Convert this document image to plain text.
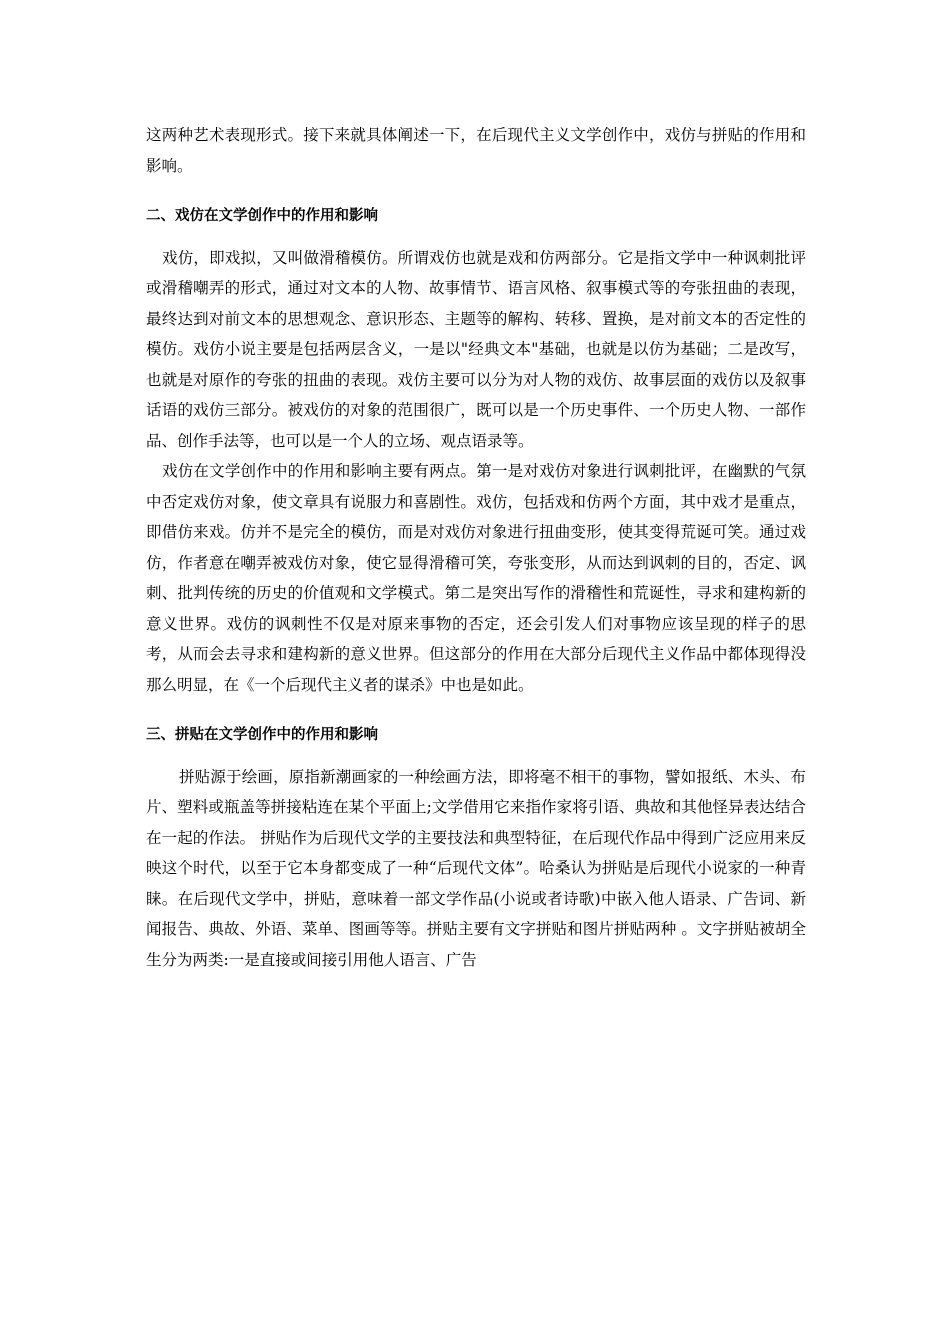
这两种艺术表现形式。接下来就具体阐述一下，在后现代主义文学创作中，戏仿与拼贴的作用和影响。

二、戏仿在文学创作中的作用和影响

戏仿，即戏拟，又叫做滑稽模仿。所谓戏仿也就是戏和仿两部分。它是指文学中一种讽刺批评或滑稽嘲弄的形式，通过对文本的人物、故事情节、语言风格、叙事模式等的夸张扭曲的表现，最终达到对前文本的思想观念、意识形态、主题等的解构、转移、置换，是对前文本的否定性的模仿。戏仿小说主要是包括两层含义，一是以"经典文本"基础，也就是以仿为基础；二是改写，也就是对原作的夸张的扭曲的表现。戏仿主要可以分为对人物的戏仿、故事层面的戏仿以及叙事话语的戏仿三部分。被戏仿的对象的范围很广，既可以是一个历史事件、一个历史人物、一部作品、创作手法等，也可以是一个人的立场、观点语录等。

戏仿在文学创作中的作用和影响主要有两点。第一是对戏仿对象进行讽刺批评，在幽默的气氛中否定戏仿对象，使文章具有说服力和喜剧性。戏仿，包括戏和仿两个方面，其中戏才是重点，即借仿来戏。仿并不是完全的模仿，而是对戏仿对象进行扭曲变形，使其变得荒诞可笑。通过戏仿，作者意在嘲弄被戏仿对象，使它显得滑稽可笑，夸张变形，从而达到讽刺的目的，否定、讽刺、批判传统的历史的价值观和文学模式。第二是突出写作的滑稽性和荒诞性，寻求和建构新的意义世界。戏仿的讽刺性不仅是对原来事物的否定，还会引发人们对事物应该呈现的样子的思考，从而会去寻求和建构新的意义世界。但这部分的作用在大部分后现代主义作品中都体现得没那么明显，在《一个后现代主义者的谋杀》中也是如此。

三、拼贴在文学创作中的作用和影响

拼贴源于绘画，原指新潮画家的一种绘画方法，即将毫不相干的事物，譬如报纸、木头、布片、塑料或瓶盖等拼接粘连在某个平面上;文学借用它来指作家将引语、典故和其他怪异表达结合在一起的作法。 拼贴作为后现代文学的主要技法和典型特征，在后现代作品中得到广泛应用来反映这个时代，以至于它本身都变成了一种“后现代文体”。哈桑认为拼贴是后现代小说家的一种青睐。在后现代文学中，拼贴，意味着一部文学作品(小说或者诗歌)中嵌入他人语录、广告词、新闻报告、典故、外语、菜单、图画等等。拼贴主要有文字拼贴和图片拼贴两种 。文字拼贴被胡全生分为两类:一是直接或间接引用他人语言、广告
